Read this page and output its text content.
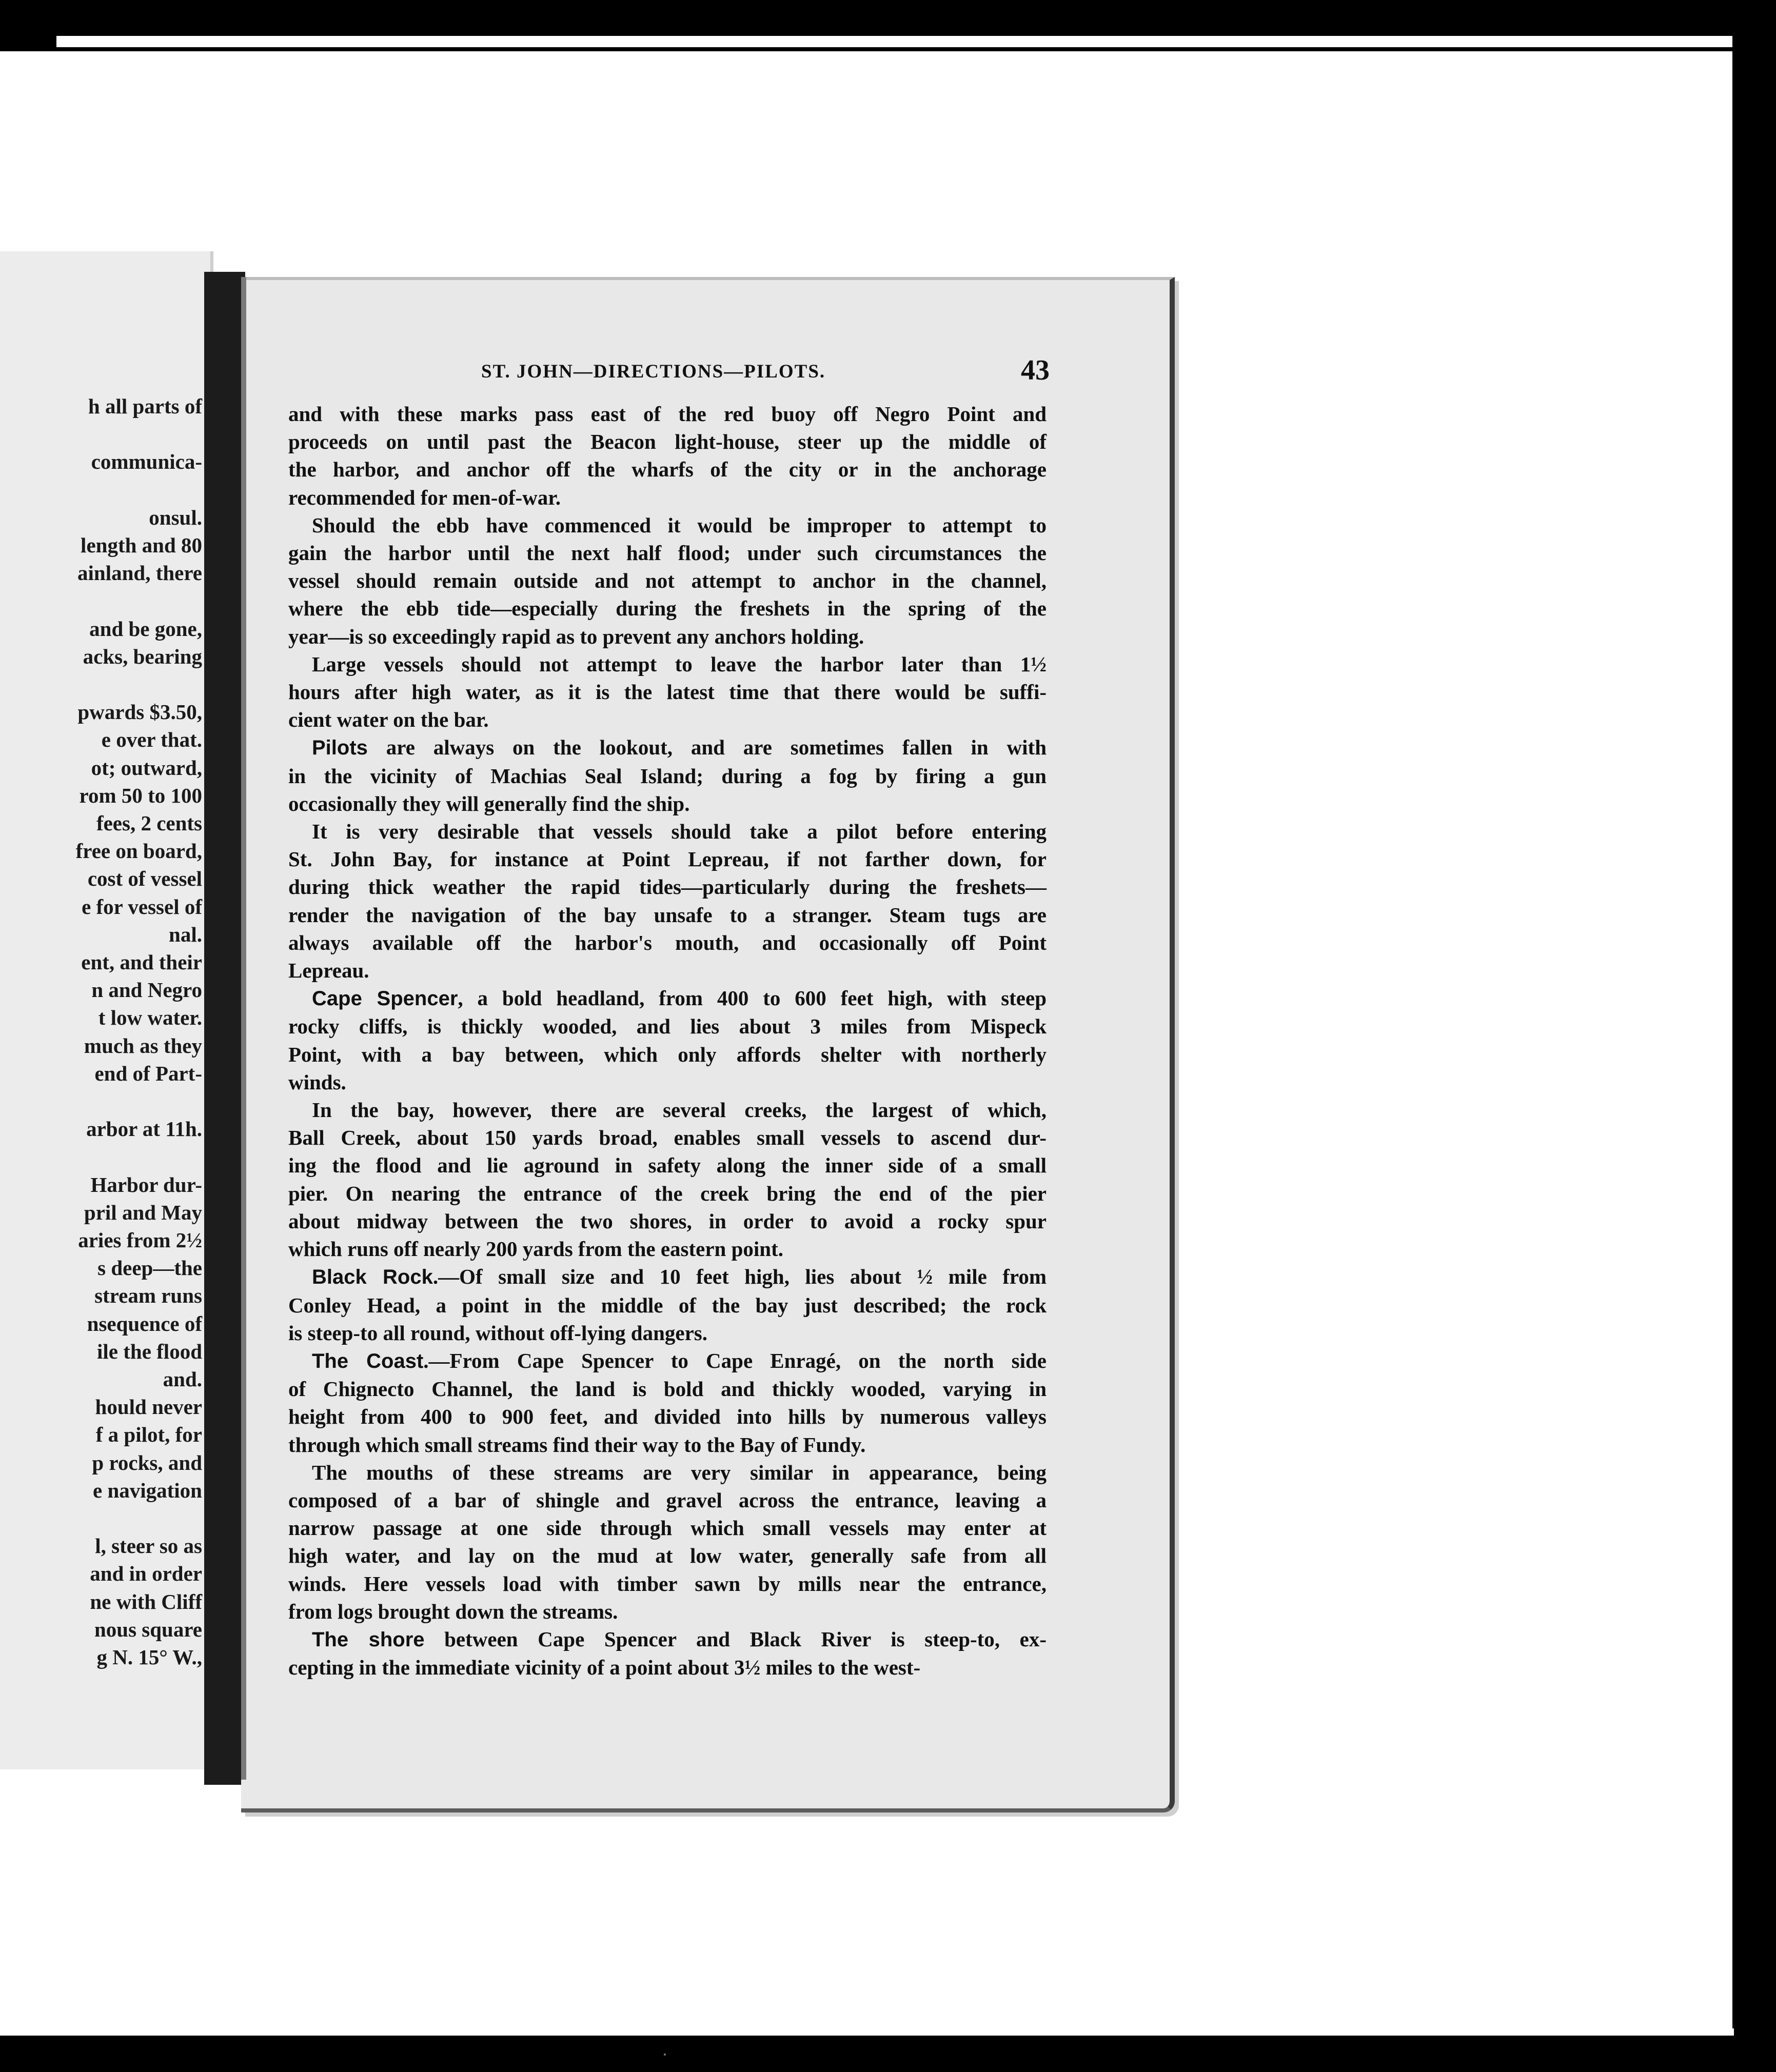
h all parts of
communica-
onsul.
length and 80
ainland, there
and be gone,
acks, bearing
pwards $3.50,
e over that.
ot; outward,
rom 50 to 100
fees, 2 cents
free on board,
cost of vessel
e for vessel of
nal.
ent, and their
n and Negro
t low water.
much as they
end of Part-
arbor at 11h.
Harbor dur-
pril and May
aries from 2½
s deep—the
stream runs
nsequence of
ile the flood
and.
hould never
f a pilot, for
p rocks, and
e navigation
l, steer so as
and in order
ne with Cliff
nous square
g N. 15° W.,
ST. JOHN—DIRECTIONS—PILOTS.	43
and with these marks pass east of the red buoy off Negro Point and
proceeds on until past the Beacon light-house, steer up the middle of
the harbor, and anchor off the wharfs of the city or in the anchorage
recommended for men-of-war.
Should the ebb have commenced it would be improper to attempt to
gain the harbor until the next half flood; under such circumstances the
vessel should remain outside and not attempt to anchor in the channel,
where the ebb tide—especially during the freshets in the spring of the
year—is so exceedingly rapid as to prevent any anchors holding.
Large vessels should not attempt to leave the harbor later than 1½
hours after high water, as it is the latest time that there would be suffi-
cient water on the bar.
Pilots are always on the lookout, and are sometimes fallen in with
in the vicinity of Machias Seal Island; during a fog by firing a gun
occasionally they will generally find the ship.
It is very desirable that vessels should take a pilot before entering
St. John Bay, for instance at Point Lepreau, if not farther down, for
during thick weather the rapid tides—particularly during the freshets—
render the navigation of the bay unsafe to a stranger. Steam tugs are
always available off the harbor's mouth, and occasionally off Point
Lepreau.
Cape Spencer, a bold headland, from 400 to 600 feet high, with steep
rocky cliffs, is thickly wooded, and lies about 3 miles from Mispeck
Point, with a bay between, which only affords shelter with northerly
winds.
In the bay, however, there are several creeks, the largest of which,
Ball Creek, about 150 yards broad, enables small vessels to ascend dur-
ing the flood and lie aground in safety along the inner side of a small
pier. On nearing the entrance of the creek bring the end of the pier
about midway between the two shores, in order to avoid a rocky spur
which runs off nearly 200 yards from the eastern point.
Black Rock.—Of small size and 10 feet high, lies about ½ mile from
Conley Head, a point in the middle of the bay just described; the rock
is steep-to all round, without off-lying dangers.
The Coast.—From Cape Spencer to Cape Enragé, on the north side
of Chignecto Channel, the land is bold and thickly wooded, varying in
height from 400 to 900 feet, and divided into hills by numerous valleys
through which small streams find their way to the Bay of Fundy.
The mouths of these streams are very similar in appearance, being
composed of a bar of shingle and gravel across the entrance, leaving a
narrow passage at one side through which small vessels may enter at
high water, and lay on the mud at low water, generally safe from all
winds. Here vessels load with timber sawn by mills near the entrance,
from logs brought down the streams.
The shore between Cape Spencer and Black River is steep-to, ex-
cepting in the immediate vicinity of a point about 3½ miles to the west-
·
